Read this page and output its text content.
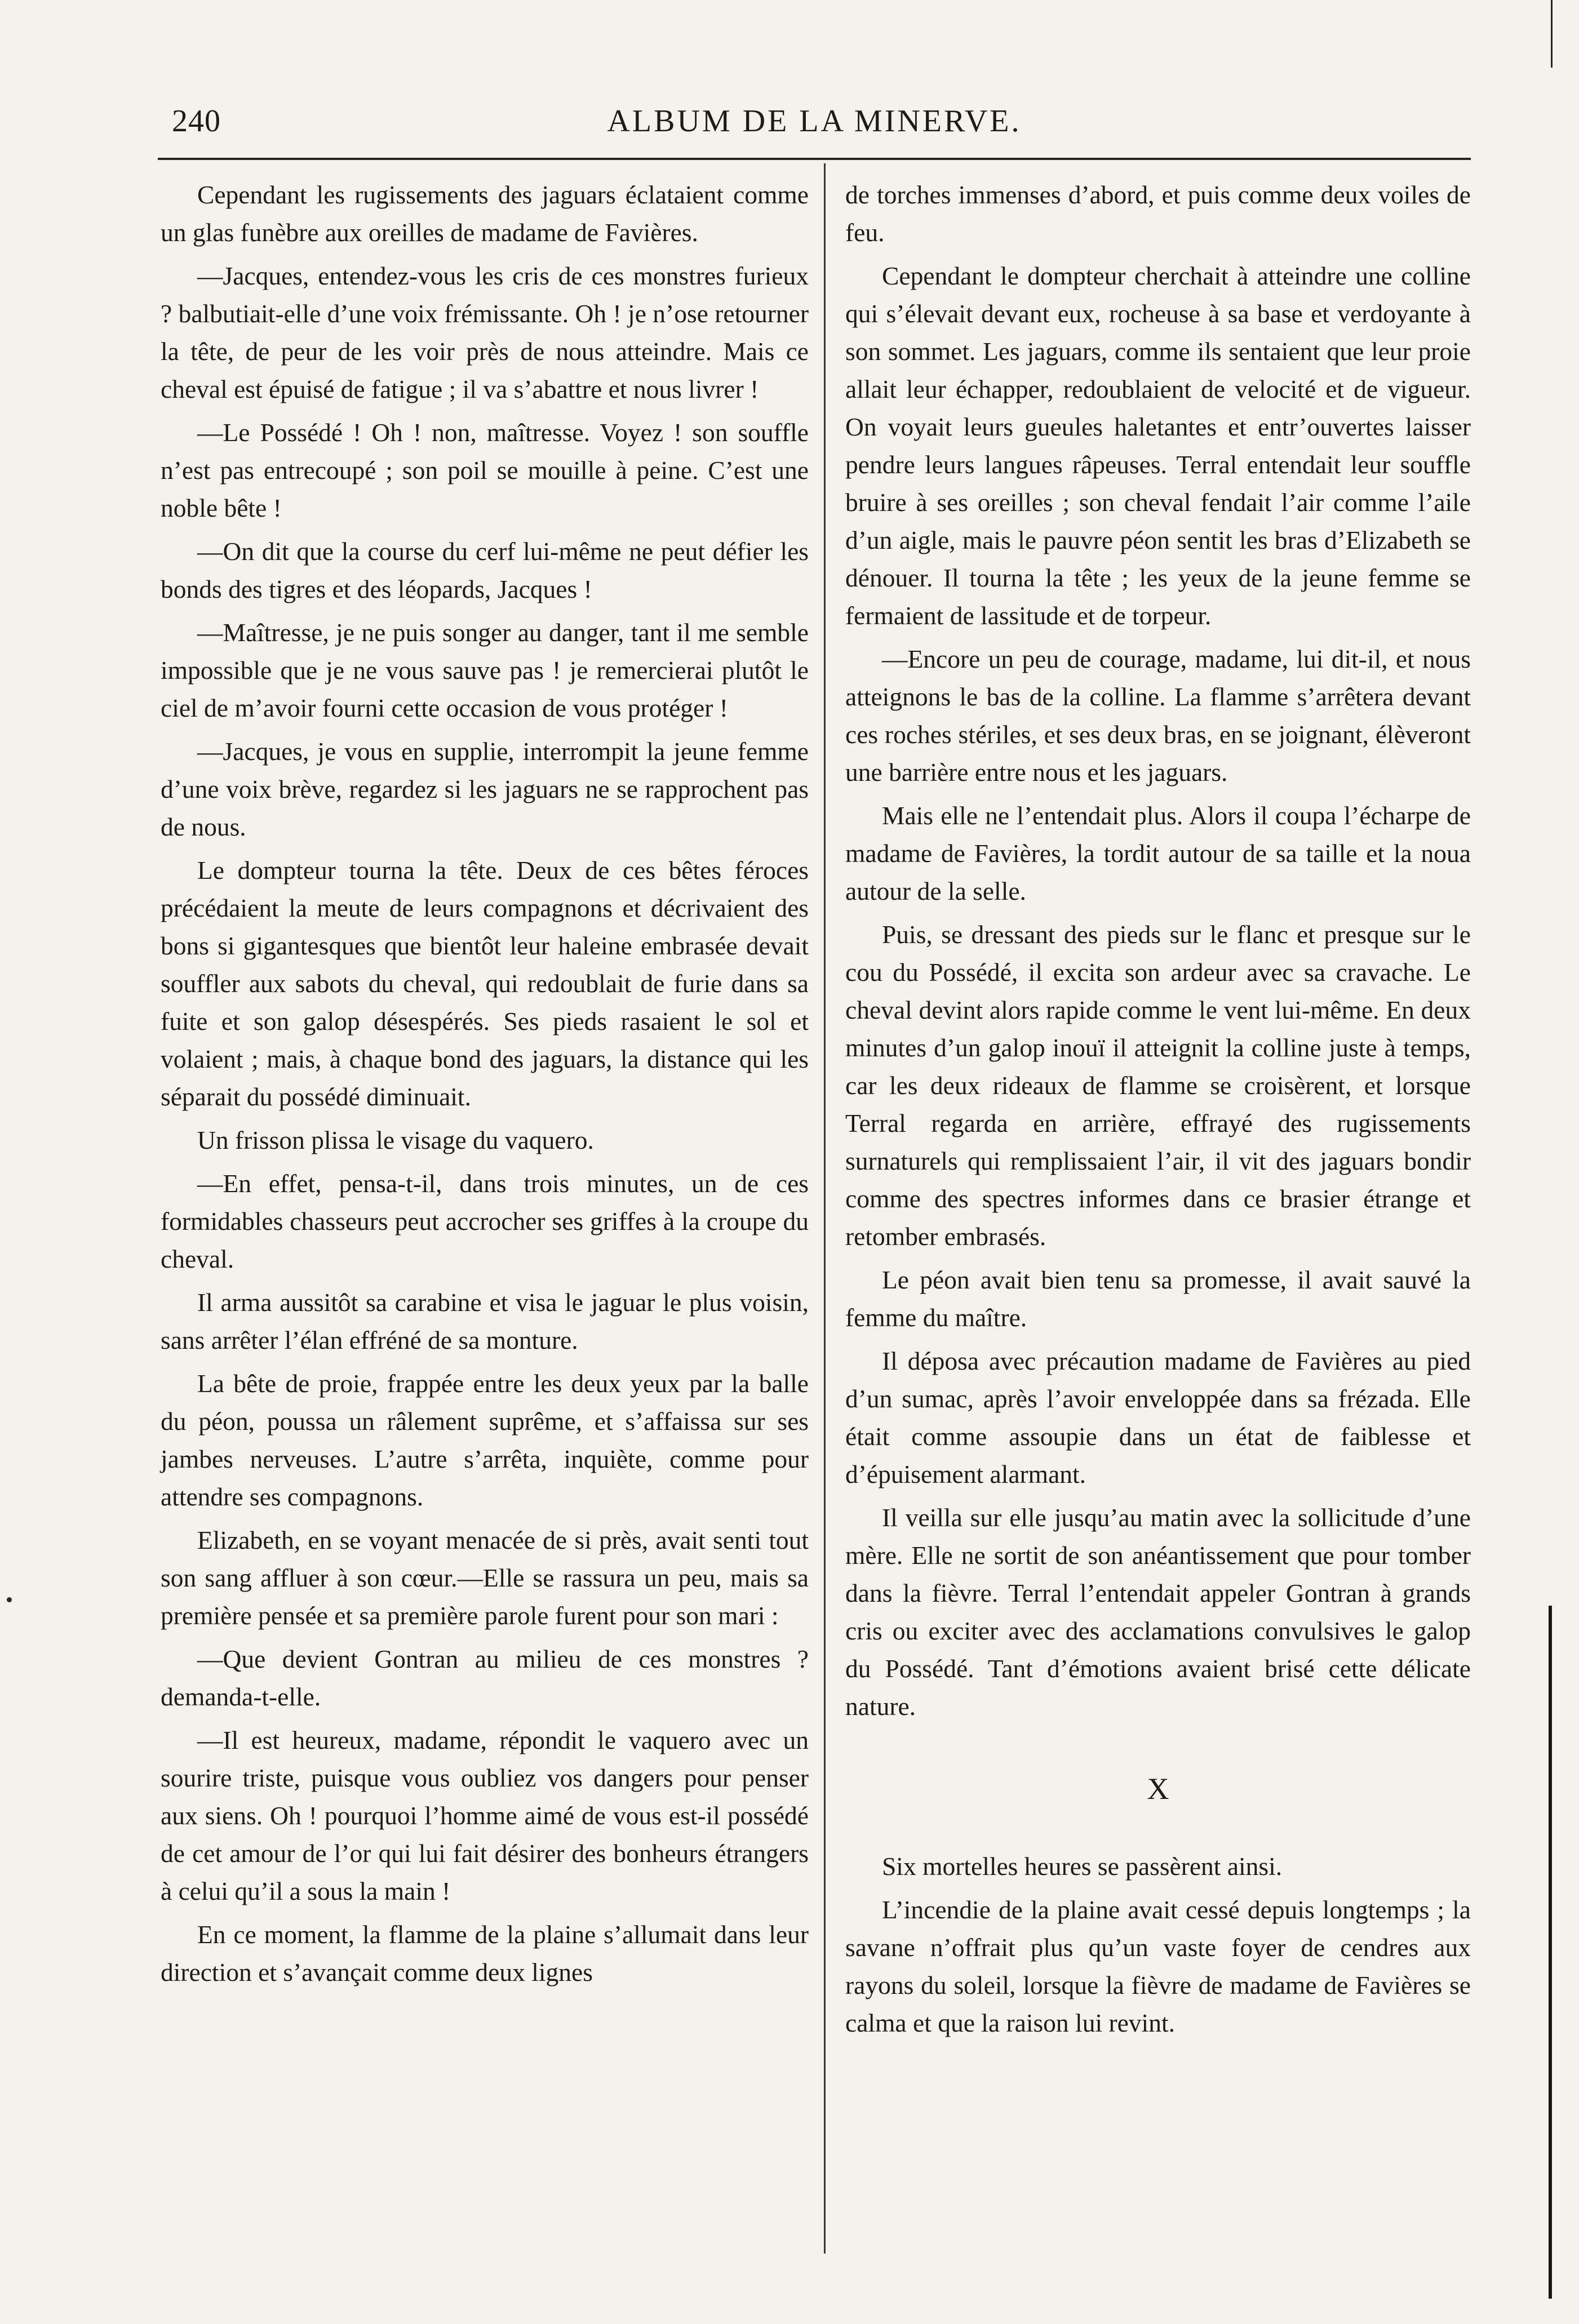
240	ALBUM DE LA MINERVE.

Cependant les rugissements des jaguars éclataient comme un glas funèbre aux oreilles de madame de Favières.

—Jacques, entendez-vous les cris de ces monstres furieux ? balbutiait-elle d’une voix frémissante. Oh ! je n’ose retourner la tête, de peur de les voir près de nous atteindre. Mais ce cheval est épuisé de fatigue ; il va s’abattre et nous livrer !

—Le Possédé ! Oh ! non, maîtresse. Voyez ! son souffle n’est pas entrecoupé ; son poil se mouille à peine. C’est une noble bête !

—On dit que la course du cerf lui-même ne peut défier les bonds des tigres et des léopards, Jacques !

—Maîtresse, je ne puis songer au danger, tant il me semble impossible que je ne vous sauve pas ! je remercierai plutôt le ciel de m’avoir fourni cette occasion de vous protéger !

—Jacques, je vous en supplie, interrompit la jeune femme d’une voix brève, regardez si les jaguars ne se rapprochent pas de nous.

Le dompteur tourna la tête. Deux de ces bêtes féroces précédaient la meute de leurs compagnons et décrivaient des bons si gigantesques que bientôt leur haleine embrasée devait souffler aux sabots du cheval, qui redoublait de furie dans sa fuite et son galop désespérés. Ses pieds rasaient le sol et volaient ; mais, à chaque bond des jaguars, la distance qui les séparait du possédé diminuait.

Un frisson plissa le visage du vaquero.

—En effet, pensa-t-il, dans trois minutes, un de ces formidables chasseurs peut accrocher ses griffes à la croupe du cheval.

Il arma aussitôt sa carabine et visa le jaguar le plus voisin, sans arrêter l’élan effréné de sa monture.

La bête de proie, frappée entre les deux yeux par la balle du péon, poussa un râlement suprême, et s’affaissa sur ses jambes nerveuses. L’autre s’arrêta, inquiète, comme pour attendre ses compagnons.

Elizabeth, en se voyant menacée de si près, avait senti tout son sang affluer à son cœur.—Elle se rassura un peu, mais sa première pensée et sa première parole furent pour son mari :

—Que devient Gontran au milieu de ces monstres ? demanda-t-elle.

—Il est heureux, madame, répondit le vaquero avec un sourire triste, puisque vous oubliez vos dangers pour penser aux siens. Oh ! pourquoi l’homme aimé de vous est-il possédé de cet amour de l’or qui lui fait désirer des bonheurs étrangers à celui qu’il a sous la main !

En ce moment, la flamme de la plaine s’allumait dans leur direction et s’avançait comme deux lignes

de torches immenses d’abord, et puis comme deux voiles de feu.

Cependant le dompteur cherchait à atteindre une colline qui s’élevait devant eux, rocheuse à sa base et verdoyante à son sommet. Les jaguars, comme ils sentaient que leur proie allait leur échapper, redoublaient de velocité et de vigueur. On voyait leurs gueules haletantes et entr’ouvertes laisser pendre leurs langues râpeuses. Terral entendait leur souffle bruire à ses oreilles ; son cheval fendait l’air comme l’aile d’un aigle, mais le pauvre péon sentit les bras d’Elizabeth se dénouer. Il tourna la tête ; les yeux de la jeune femme se fermaient de lassitude et de torpeur.

—Encore un peu de courage, madame, lui dit-il, et nous atteignons le bas de la colline. La flamme s’arrêtera devant ces roches stériles, et ses deux bras, en se joignant, élèveront une barrière entre nous et les jaguars.

Mais elle ne l’entendait plus. Alors il coupa l’écharpe de madame de Favières, la tordit autour de sa taille et la noua autour de la selle.

Puis, se dressant des pieds sur le flanc et presque sur le cou du Possédé, il excita son ardeur avec sa cravache. Le cheval devint alors rapide comme le vent lui-même. En deux minutes d’un galop inouï il atteignit la colline juste à temps, car les deux rideaux de flamme se croisèrent, et lorsque Terral regarda en arrière, effrayé des rugissements surnaturels qui remplissaient l’air, il vit des jaguars bondir comme des spectres informes dans ce brasier étrange et retomber embrasés.

Le péon avait bien tenu sa promesse, il avait sauvé la femme du maître.

Il déposa avec précaution madame de Favières au pied d’un sumac, après l’avoir enveloppée dans sa frézada. Elle était comme assoupie dans un état de faiblesse et d’épuisement alarmant.

Il veilla sur elle jusqu’au matin avec la sollicitude d’une mère. Elle ne sortit de son anéantissement que pour tomber dans la fièvre. Terral l’entendait appeler Gontran à grands cris ou exciter avec des acclamations convulsives le galop du Possédé. Tant d’émotions avaient brisé cette délicate nature.

X

Six mortelles heures se passèrent ainsi.

L’incendie de la plaine avait cessé depuis longtemps ; la savane n’offrait plus qu’un vaste foyer de cendres aux rayons du soleil, lorsque la fièvre de madame de Favières se calma et que la raison lui revint.
